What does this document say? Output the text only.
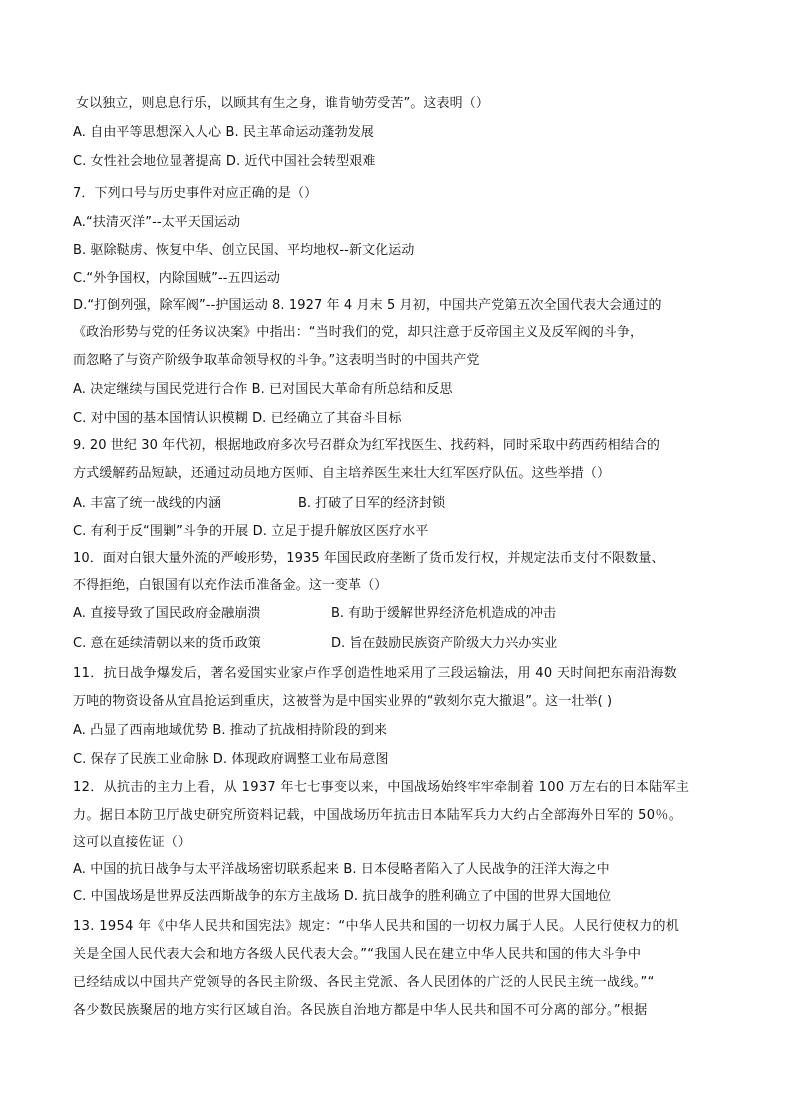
女以独立，则息息行乐，以顾其有生之身，谁肯劬劳受苦”。这表明（）
A. 自由平等思想深入人心 B. 民主革命运动蓬勃发展
C. 女性社会地位显著提高 D. 近代中国社会转型艰难
7．下列口号与历史事件对应正确的是（）
A.“扶清灭洋”--太平天国运动
B. 驱除鞑虏、恢复中华、创立民国、平均地权--新文化运动
C.“外争国权，内除国贼”--五四运动
D.“打倒列强，除军阀”--护国运动 8. 1927 年 4 月末 5 月初，中国共产党第五次全国代表大会通过的
《政治形势与党的任务议决案》中指出：“当时我们的党，却只注意于反帝国主义及反军阀的斗争，
而忽略了与资产阶级争取革命领导权的斗争。”这表明当时的中国共产党
A. 决定继续与国民党进行合作 B. 已对国民大革命有所总结和反思
C. 对中国的基本国情认识模糊 D. 已经确立了其奋斗目标
9. 20 世纪 30 年代初，根据地政府多次号召群众为红军找医生、找药料，同时采取中药西药相结合的
方式缓解药品短缺，还通过动员地方医师、自主培养医生来壮大红军医疗队伍。这些举措（）
A. 丰富了统一战线的内涵	B. 打破了日军的经济封锁
C. 有利于反“围剿”斗争的开展 D. 立足于提升解放区医疗水平
10．面对白银大量外流的严峻形势，1935 年国民政府垄断了货币发行权，并规定法币支付不限数量、
不得拒绝，白银国有以充作法币准备金。这一变革（）
A. 直接导致了国民政府金融崩溃	B. 有助于缓解世界经济危机造成的冲击
C. 意在延续清朝以来的货币政策	D. 旨在鼓励民族资产阶级大力兴办实业
11．抗日战争爆发后，著名爱国实业家卢作孚创造性地采用了三段运输法，用 40 天时间把东南沿海数
万吨的物资设备从宜昌抢运到重庆，这被誉为是中国实业界的“敦刻尔克大撤退”。这一壮举( )
A. 凸显了西南地域优势 B. 推动了抗战相持阶段的到来
C. 保存了民族工业命脉 D. 体现政府调整工业布局意图
12．从抗击的主力上看，从 1937 年七七事变以来，中国战场始终牢牢牵制着 100 万左右的日本陆军主
力。据日本防卫厅战史研究所资料记载，中国战场历年抗击日本陆军兵力大约占全部海外日军的 50％。
这可以直接佐证（）
A. 中国的抗日战争与太平洋战场密切联系起来 B. 日本侵略者陷入了人民战争的汪洋大海之中
C. 中国战场是世界反法西斯战争的东方主战场 D. 抗日战争的胜利确立了中国的世界大国地位
13. 1954 年《中华人民共和国宪法》规定：“中华人民共和国的一切权力属于人民。人民行使权力的机
关是全国人民代表大会和地方各级人民代表大会。”“我国人民在建立中华人民共和国的伟大斗争中
已经结成以中国共产党领导的各民主阶级、各民主党派、各人民团体的广泛的人民民主统一战线。”“
各少数民族聚居的地方实行区域自治。各民族自治地方都是中华人民共和国不可分离的部分。”根据
